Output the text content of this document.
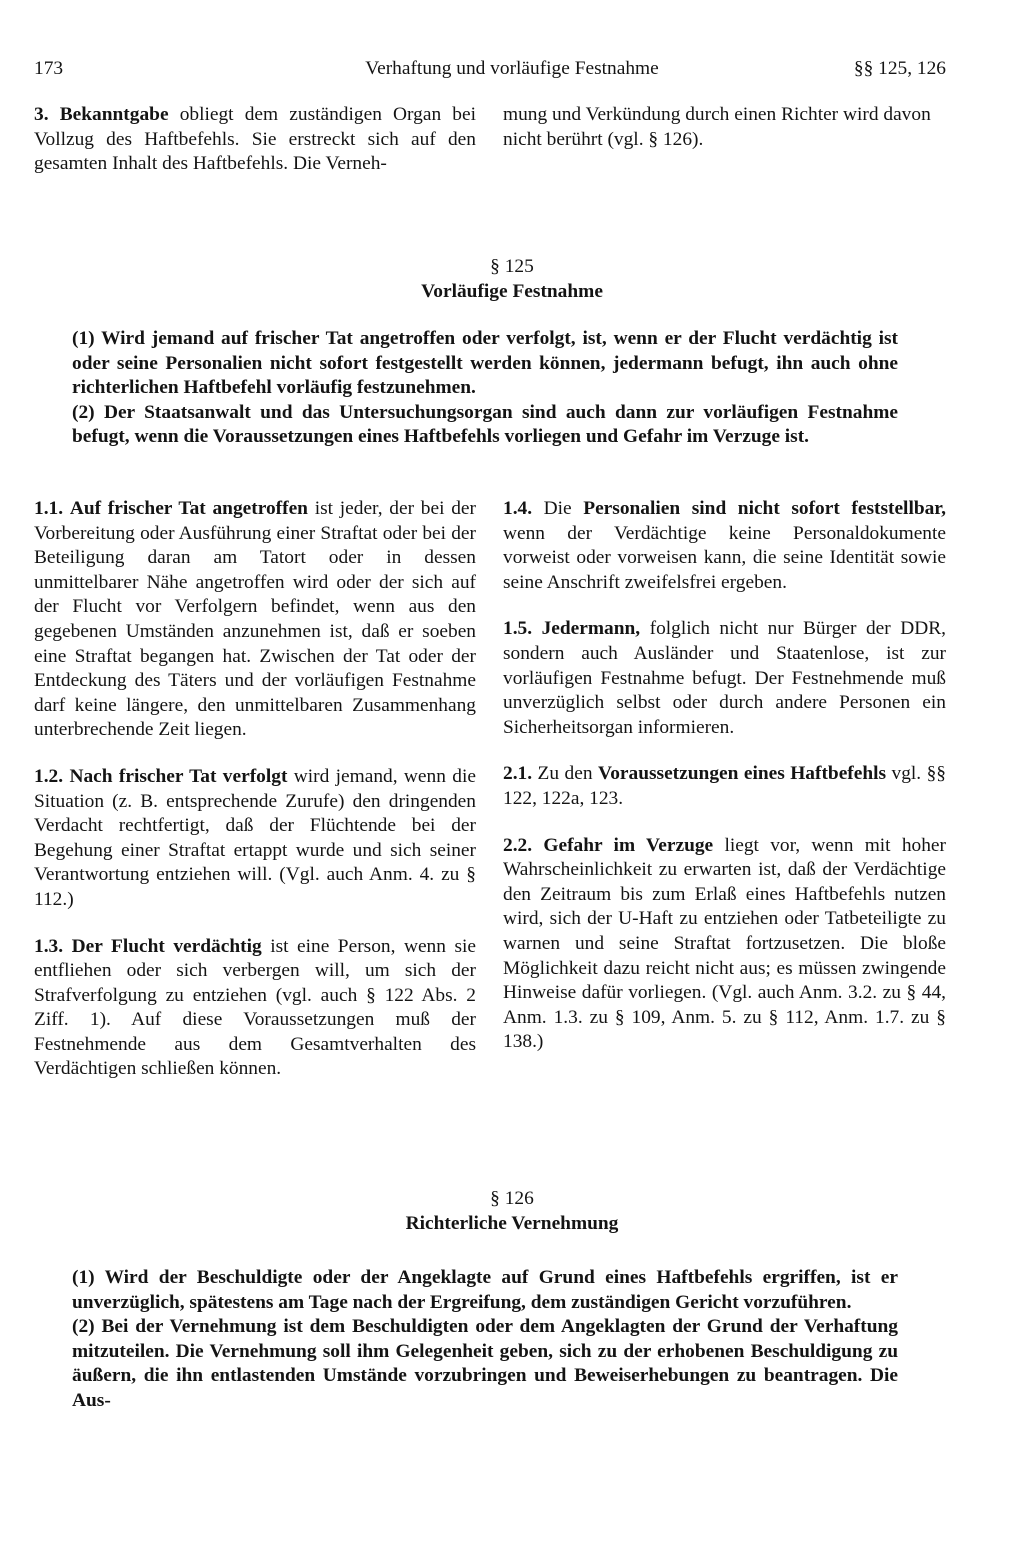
173	Verhaftung und vorläufige Festnahme	§§ 125, 126
3. Bekanntgabe obliegt dem zuständigen Organ bei Vollzug des Haftbefehls. Sie erstreckt sich auf den gesamten Inhalt des Haftbefehls. Die Verneh-
mung und Verkündung durch einen Richter wird davon nicht berührt (vgl. § 126).
§ 125
Vorläufige Festnahme

(1) Wird jemand auf frischer Tat angetroffen oder verfolgt, ist, wenn er der Flucht verdächtig ist oder seine Personalien nicht sofort festgestellt werden können, jedermann befugt, ihn auch ohne richterlichen Haftbefehl vorläufig festzunehmen.

(2) Der Staatsanwalt und das Untersuchungsorgan sind auch dann zur vorläufigen Festnahme befugt, wenn die Voraussetzungen eines Haftbefehls vorliegen und Gefahr im Verzuge ist.

1.1. Auf frischer Tat angetroffen ist jeder, der bei der Vorbereitung oder Ausführung einer Straftat oder bei der Beteiligung daran am Tatort oder in dessen unmittelbarer Nähe angetroffen wird oder der sich auf der Flucht vor Verfolgern befindet, wenn aus den gegebenen Umständen anzunehmen ist, daß er soeben eine Straftat begangen hat. Zwischen der Tat oder der Entdeckung des Täters und der vorläufigen Festnahme darf keine längere, den unmittelbaren Zusammenhang unterbrechende Zeit liegen.

1.2. Nach frischer Tat verfolgt wird jemand, wenn die Situation (z. B. entsprechende Zurufe) den dringenden Verdacht rechtfertigt, daß der Flüchtende bei der Begehung einer Straftat ertappt wurde und sich seiner Verantwortung entziehen will. (Vgl. auch Anm. 4. zu § 112.)

1.3. Der Flucht verdächtig ist eine Person, wenn sie entfliehen oder sich verbergen will, um sich der Strafverfolgung zu entziehen (vgl. auch § 122 Abs. 2 Ziff. 1). Auf diese Voraussetzungen muß der Festnehmende aus dem Gesamtverhalten des Verdächtigen schließen können.

1.4. Die Personalien sind nicht sofort feststellbar, wenn der Verdächtige keine Personaldokumente vorweist oder vorweisen kann, die seine Identität sowie seine Anschrift zweifelsfrei ergeben.

1.5. Jedermann, folglich nicht nur Bürger der DDR, sondern auch Ausländer und Staatenlose, ist zur vorläufigen Festnahme befugt. Der Festnehmende muß unverzüglich selbst oder durch andere Personen ein Sicherheitsorgan informieren.

2.1. Zu den Voraussetzungen eines Haftbefehls vgl. §§ 122, 122a, 123.

2.2. Gefahr im Verzuge liegt vor, wenn mit hoher Wahrscheinlichkeit zu erwarten ist, daß der Verdächtige den Zeitraum bis zum Erlaß eines Haftbefehls nutzen wird, sich der U-Haft zu entziehen oder Tatbeteiligte zu warnen und seine Straftat fortzusetzen. Die bloße Möglichkeit dazu reicht nicht aus; es müssen zwingende Hinweise dafür vorliegen. (Vgl. auch Anm. 3.2. zu § 44, Anm. 1.3. zu § 109, Anm. 5. zu § 112, Anm. 1.7. zu § 138.)

§ 126
Richterliche Vernehmung

(1) Wird der Beschuldigte oder der Angeklagte auf Grund eines Haftbefehls ergriffen, ist er unverzüglich, spätestens am Tage nach der Ergreifung, dem zuständigen Gericht vorzuführen.

(2) Bei der Vernehmung ist dem Beschuldigten oder dem Angeklagten der Grund der Verhaftung mitzuteilen. Die Vernehmung soll ihm Gelegenheit geben, sich zu der erhobenen Beschuldigung zu äußern, die ihn entlastenden Umstände vorzubringen und Beweiserhebungen zu beantragen. Die Aus-
